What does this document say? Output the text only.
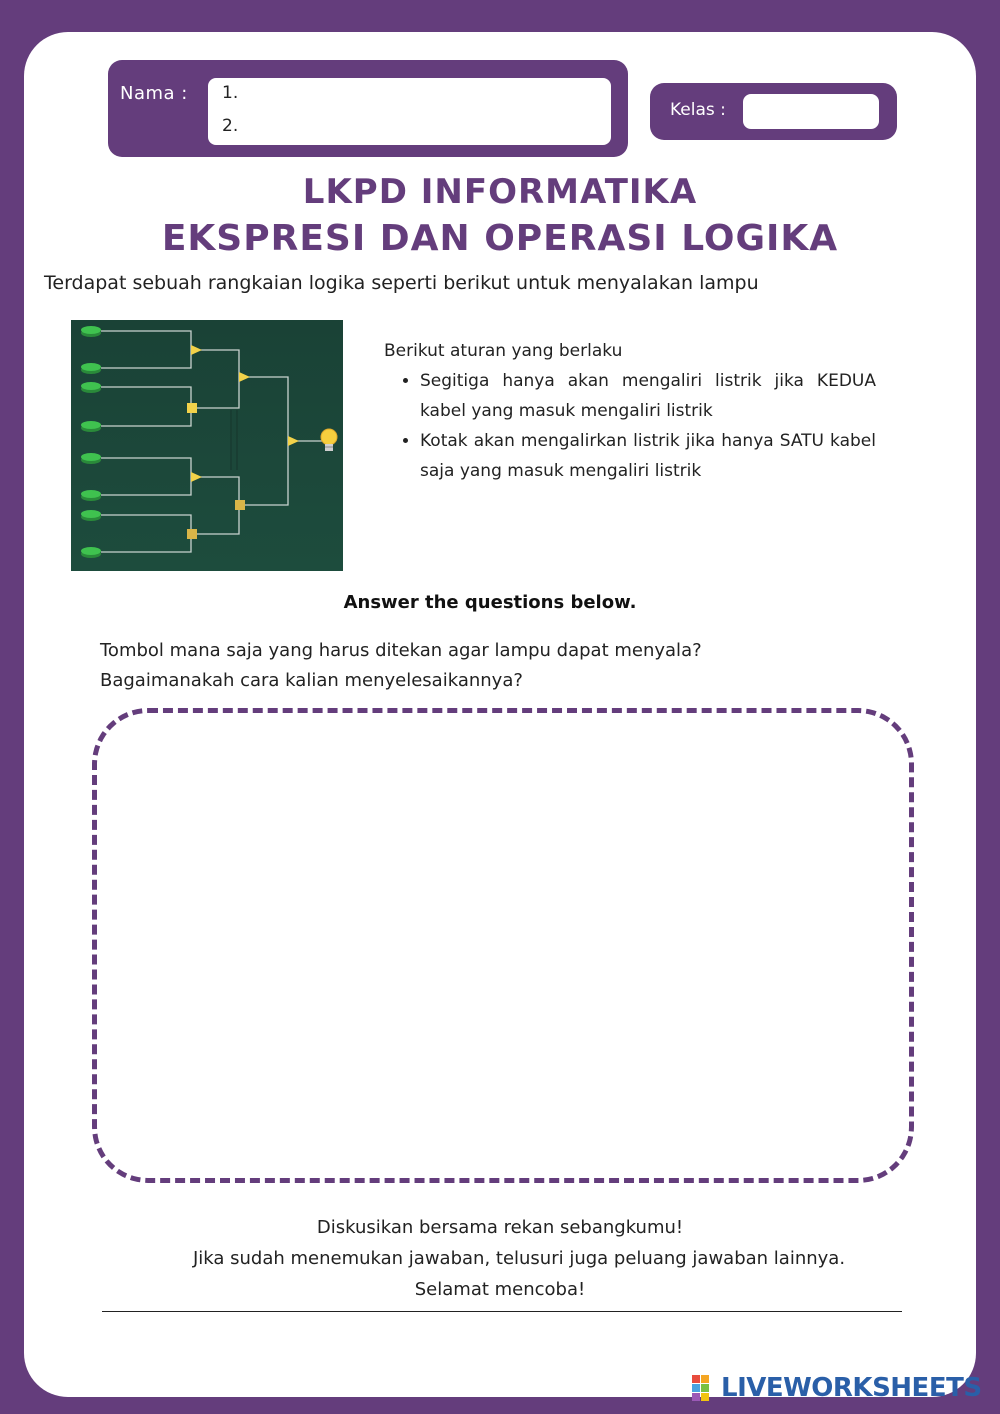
Nama : 1.
2.
Kelas :
LKPD INFORMATIKA
EKSPRESI DAN OPERASI LOGIKA
Terdapat sebuah rangkaian logika seperti berikut untuk menyalakan lampu
Berikut aturan yang berlaku
• Segitiga hanya akan mengaliri listrik jika KEDUA kabel yang masuk mengaliri listrik
• Kotak akan mengalirkan listrik jika hanya SATU kabel saja yang masuk mengaliri listrik
Answer the questions below.
Tombol mana saja yang harus ditekan agar lampu dapat menyala?
Bagaimanakah cara kalian menyelesaikannya?
Diskusikan bersama rekan sebangkumu!
Jika sudah menemukan jawaban, telusuri juga peluang jawaban lainnya.
Selamat mencoba!
LIVEWORKSHEETS
